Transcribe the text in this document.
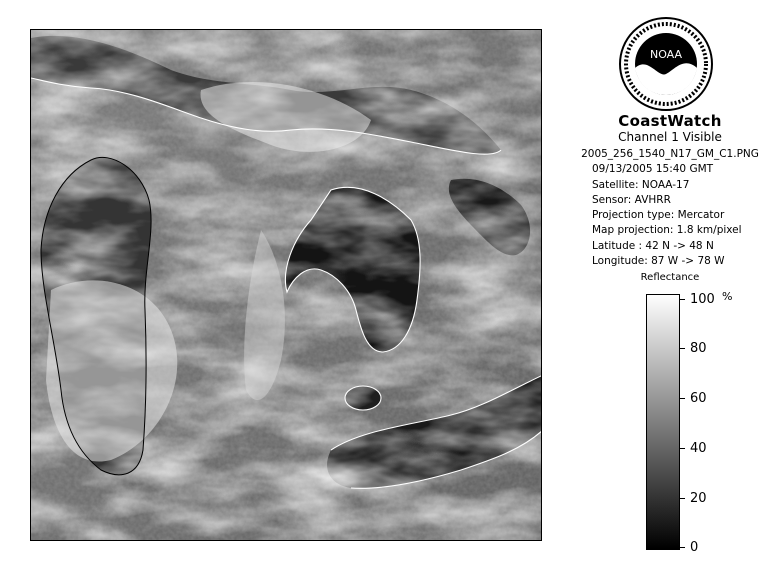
NOAA
CoastWatch
Channel 1 Visible
2005_256_1540_N17_GM_C1.PNG
09/13/2005 15:40 GMT
Satellite: NOAA-17
Sensor: AVHRR
Projection type: Mercator
Map projection: 1.8 km/pixel
Latitude : 42 N -> 48 N
Longitude: 87 W -> 78 W
Reflectance
%
100
80
60
40
20
0
